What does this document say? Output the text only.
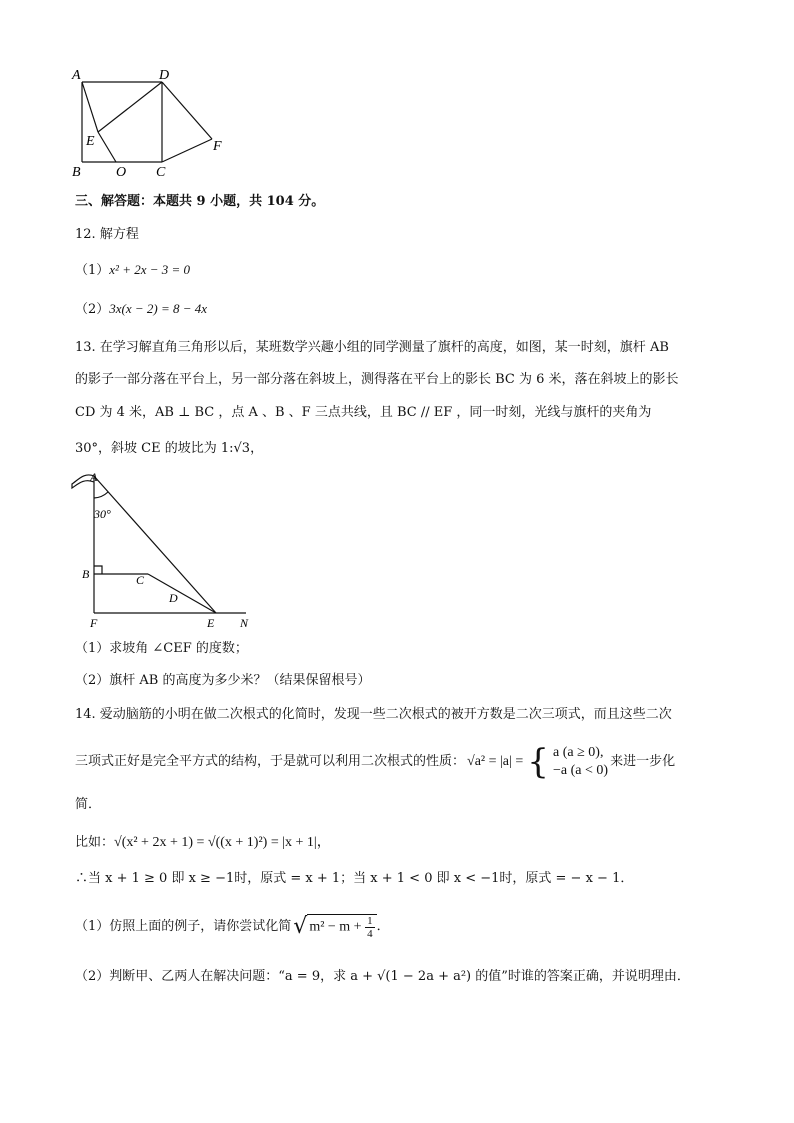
A	D
E	F
B	O C
三、解答题：本题共 9 小题，共 104 分。
12. 解方程
（1）x² + 2x − 3 = 0
（2）3x(x − 2) = 8 − 4x
13. 在学习解直角三角形以后，某班数学兴趣小组的同学测量了旗杆的高度，如图，某一时刻，旗杆 AB
的影子一部分落在平台上，另一部分落在斜坡上，测得落在平台上的影长 BC 为 6 米，落在斜坡上的影长
CD 为 4 米，AB ⊥ BC ，点 A 、B 、F 三点共线，且 BC // EF ，同一时刻，光线与旗杆的夹角为
30°，斜坡 CE 的坡比为 1:√3，
A
30°
B	C
D
F	E N
（1）求坡角 ∠CEF 的度数；
（2）旗杆 AB 的高度为多少米？（结果保留根号）
14. 爱动脑筋的小明在做二次根式的化简时，发现一些二次根式的被开方数是二次三项式，而且这些二次
三项式正好是完全平方式的结构，于是就可以利用二次根式的性质： √a² = |a| = { a (a ≥ 0),
−a (a < 0)
来进一步化
简．
比如：√(x² + 2x + 1) = √((x + 1)²) = |x + 1|，
∴当 x + 1 ≥ 0 即 x ≥ −1时，原式 = x + 1；当 x + 1 < 0 即 x < −1时，原式 = − x − 1．
（1）仿照上面的例子，请你尝试化简 √ $m^2 - m + \frac{1}{4}$ ．
（2）判断甲、乙两人在解决问题：“a = 9，求 a + √(1 − 2a + a²) 的值”时谁的答案正确，并说明理由．
